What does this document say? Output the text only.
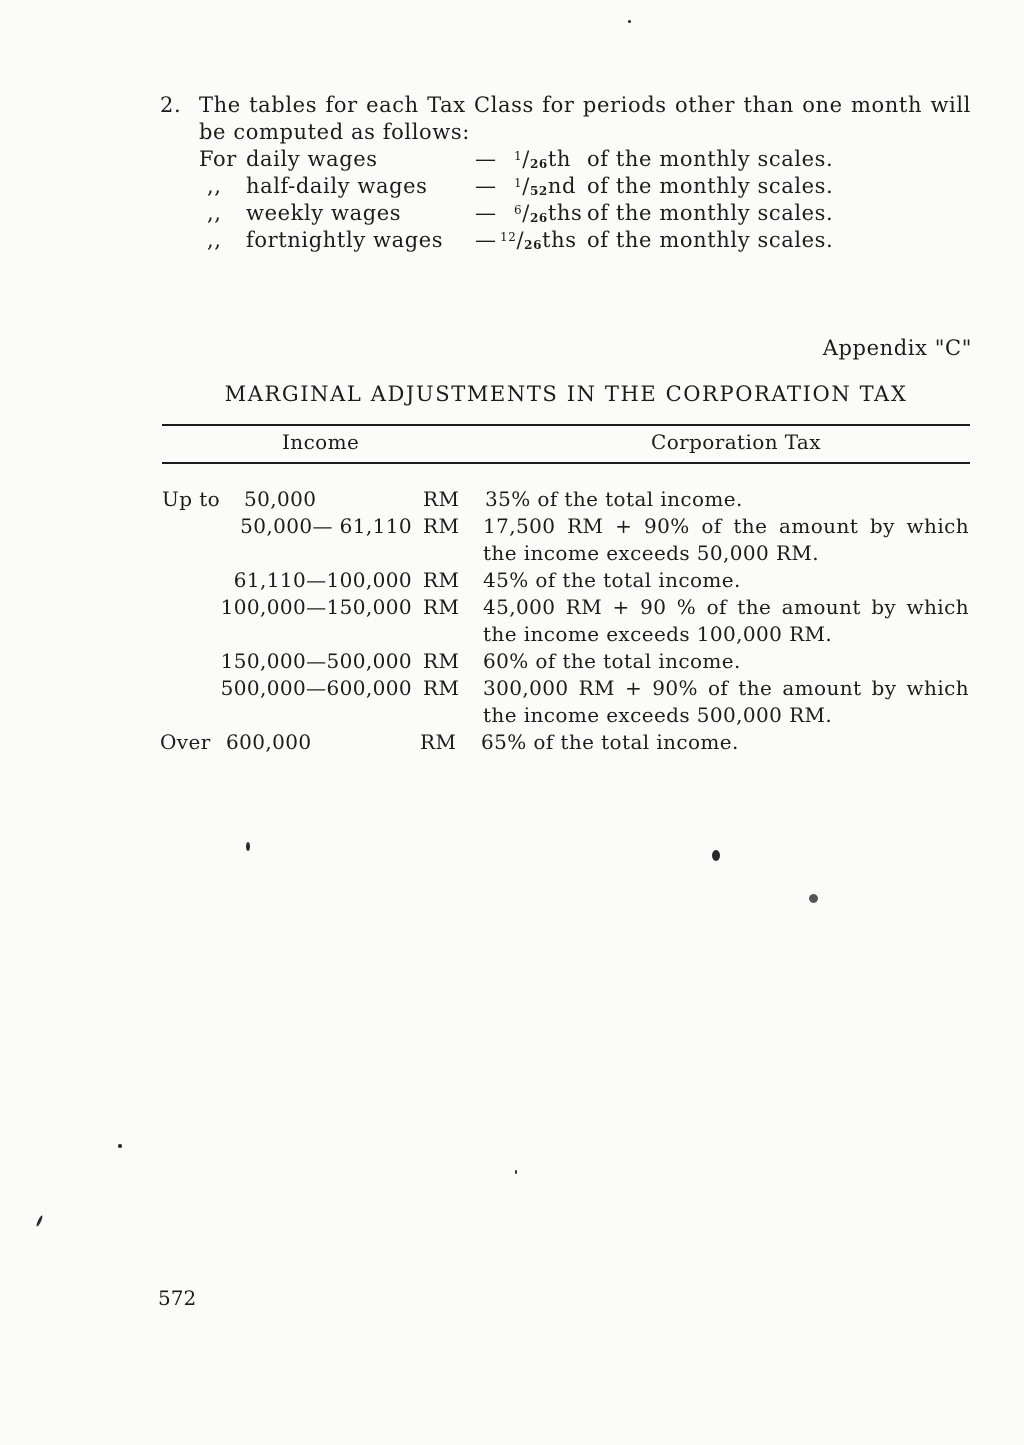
2. The tables for each Tax Class for periods other than one month will
be computed as follows:
For daily wages	— $^1$/26th of the monthly scales.
,, half-daily wages — $^1$/52nd of the monthly scales.
,, weekly wages	— $^6$/26ths of the monthly scales.
,, fortnightly wages — $^{12}$/26ths of the monthly scales.
Appendix "C"
MARGINAL ADJUSTMENTS IN THE CORPORATION TAX
Income	Corporation Tax
Up to 50,000	RM 35% of the total income.
50,000— 61,110 RM 17,500 RM + 90% of the amount by which
the income exceeds 50,000 RM.
61,110—100,000 RM 45% of the total income.
100,000—150,000 RM 45,000 RM + 90 % of the amount by which
the income exceeds 100,000 RM.
150,000—500,000 RM 60% of the total income.
500,000—600,000 RM 300,000 RM + 90% of the amount by which
the income exceeds 500,000 RM.
Over 600,000	RM 65% of the total income.
572
